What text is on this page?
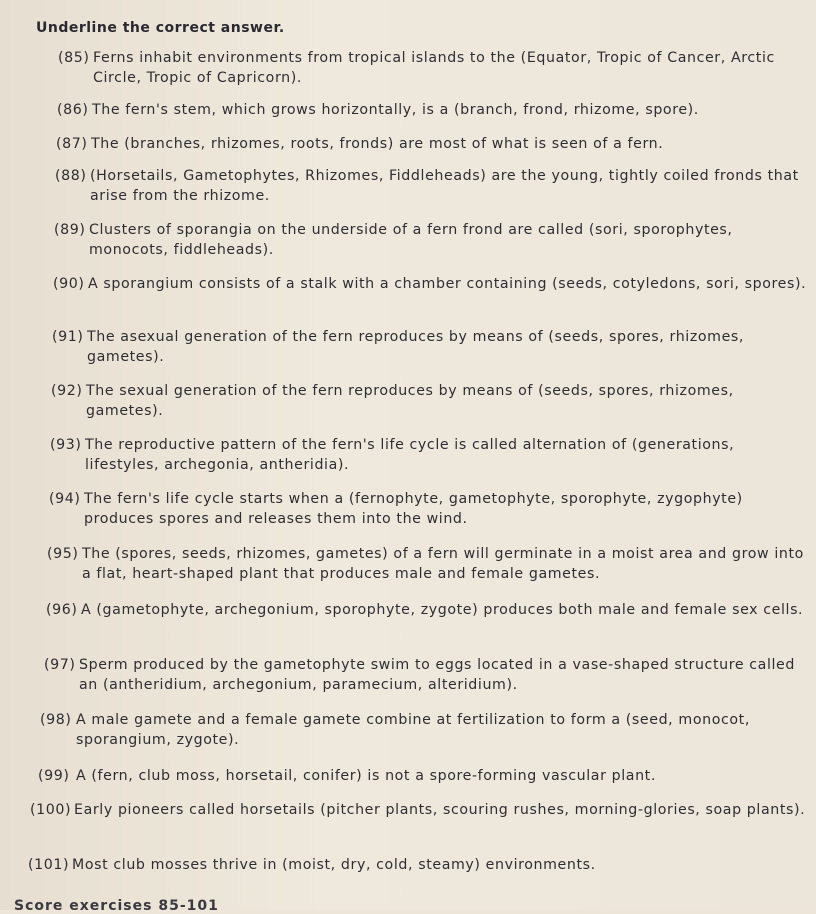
Underline the correct answer.
(85) Ferns inhabit environments from tropical islands to the (Equator, Tropic of Cancer, Arctic Circle, Tropic of Capricorn).
(86) The fern's stem, which grows horizontally, is a (branch, frond, rhizome, spore).
(87) The (branches, rhizomes, roots, fronds) are most of what is seen of a fern.
(88) (Horsetails, Gametophytes, Rhizomes, Fiddleheads) are the young, tightly coiled fronds that arise from the rhizome.
(89) Clusters of sporangia on the underside of a fern frond are called (sori, sporophytes, monocots, fiddleheads).
(90) A sporangium consists of a stalk with a chamber containing (seeds, cotyledons, sori, spores).
(91) The asexual generation of the fern reproduces by means of (seeds, spores, rhizomes, gametes).
(92) The sexual generation of the fern reproduces by means of (seeds, spores, rhizomes, gametes).
(93) The reproductive pattern of the fern's life cycle is called alternation of (generations, lifestyles, archegonia, antheridia).
(94) The fern's life cycle starts when a (fernophyte, gametophyte, sporophyte, zygophyte) produces spores and releases them into the wind.
(95) The (spores, seeds, rhizomes, gametes) of a fern will germinate in a moist area and grow into a flat, heart-shaped plant that produces male and female gametes.
(96) A (gametophyte, archegonium, sporophyte, zygote) produces both male and female sex cells.
(97) Sperm produced by the gametophyte swim to eggs located in a vase-shaped structure called an (antheridium, archegonium, paramecium, alteridium).
(98) A male gamete and a female gamete combine at fertilization to form a (seed, monocot, sporangium, zygote).
(99) A (fern, club moss, horsetail, conifer) is not a spore-forming vascular plant.
(100) Early pioneers called horsetails (pitcher plants, scouring rushes, morning-glories, soap plants).
(101) Most club mosses thrive in (moist, dry, cold, steamy) environments.
Score exercises 85-101
